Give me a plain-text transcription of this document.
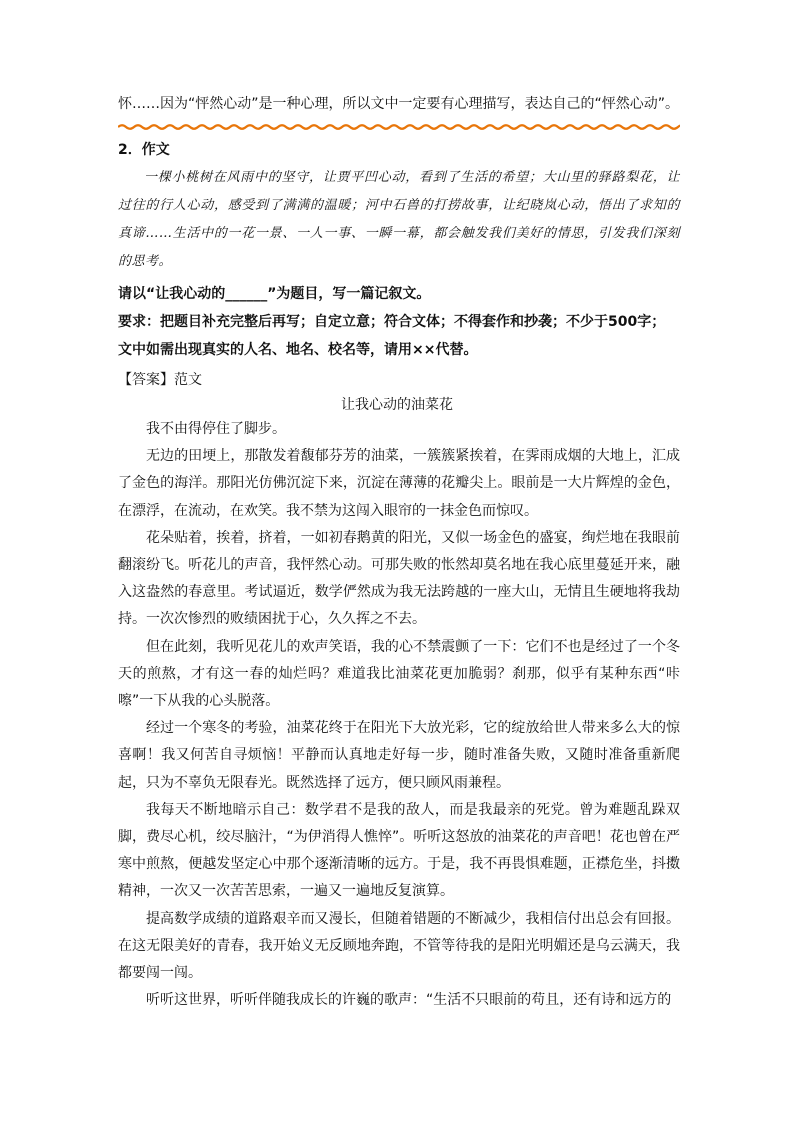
怀……因为“怦然心动”是一种心理，所以文中一定要有心理描写，表达自己的“怦然心动”。
2．作文
一棵小桃树在风雨中的坚守，让贾平凹心动，看到了生活的希望；大山里的驿路梨花，让过往的行人心动，感受到了满满的温暖；河中石兽的打捞故事，让纪晓岚心动，悟出了求知的真谛……生活中的一花一景、一人一事、一瞬一幕，都会触发我们美好的情思，引发我们深刻的思考。

请以“让我心动的______”为题目，写一篇记叙文。

要求：把题目补充完整后再写；自定立意；符合文体；不得套作和抄袭；不少于500字；

文中如需出现真实的人名、地名、校名等，请用××代替。

【答案】范文
让我心动的油菜花

我不由得停住了脚步。

无边的田埂上，那散发着馥郁芬芳的油菜，一簇簇紧挨着，在霁雨成烟的大地上，汇成了金色的海洋。那阳光仿佛沉淀下来，沉淀在薄薄的花瓣尖上。眼前是一大片辉煌的金色，在漂浮，在流动，在欢笑。我不禁为这闯入眼帘的一抹金色而惊叹。

花朵贴着，挨着，挤着，一如初春鹅黄的阳光，又似一场金色的盛宴，绚烂地在我眼前翻滚纷飞。听花儿的声音，我怦然心动。可那失败的怅然却莫名地在我心底里蔓延开来，融入这盎然的春意里。考试逼近，数学俨然成为我无法跨越的一座大山，无情且生硬地将我劫持。一次次惨烈的败绩困扰于心，久久挥之不去。

但在此刻，我听见花儿的欢声笑语，我的心不禁震颤了一下：它们不也是经过了一个冬天的煎熬，才有这一春的灿烂吗？难道我比油菜花更加脆弱？刹那，似乎有某种东西“咔嚓”一下从我的心头脱落。

经过一个寒冬的考验，油菜花终于在阳光下大放光彩，它的绽放给世人带来多么大的惊喜啊！我又何苦自寻烦恼！平静而认真地走好每一步，随时准备失败，又随时准备重新爬起，只为不辜负无限春光。既然选择了远方，便只顾风雨兼程。

我每天不断地暗示自己：数学君不是我的敌人，而是我最亲的死党。曾为难题乱跺双脚，费尽心机，绞尽脑汁，“为伊消得人憔悴”。听听这怒放的油菜花的声音吧！花也曾在严寒中煎熬，便越发坚定心中那个逐渐清晰的远方。于是，我不再畏惧难题，正襟危坐，抖擞精神，一次又一次苦苦思索，一遍又一遍地反复演算。

提高数学成绩的道路艰辛而又漫长，但随着错题的不断减少，我相信付出总会有回报。在这无限美好的青春，我开始义无反顾地奔跑，不管等待我的是阳光明媚还是乌云满天，我都要闯一闯。

听听这世界，听听伴随我成长的许巍的歌声：“生活不只眼前的苟且，还有诗和远方的
